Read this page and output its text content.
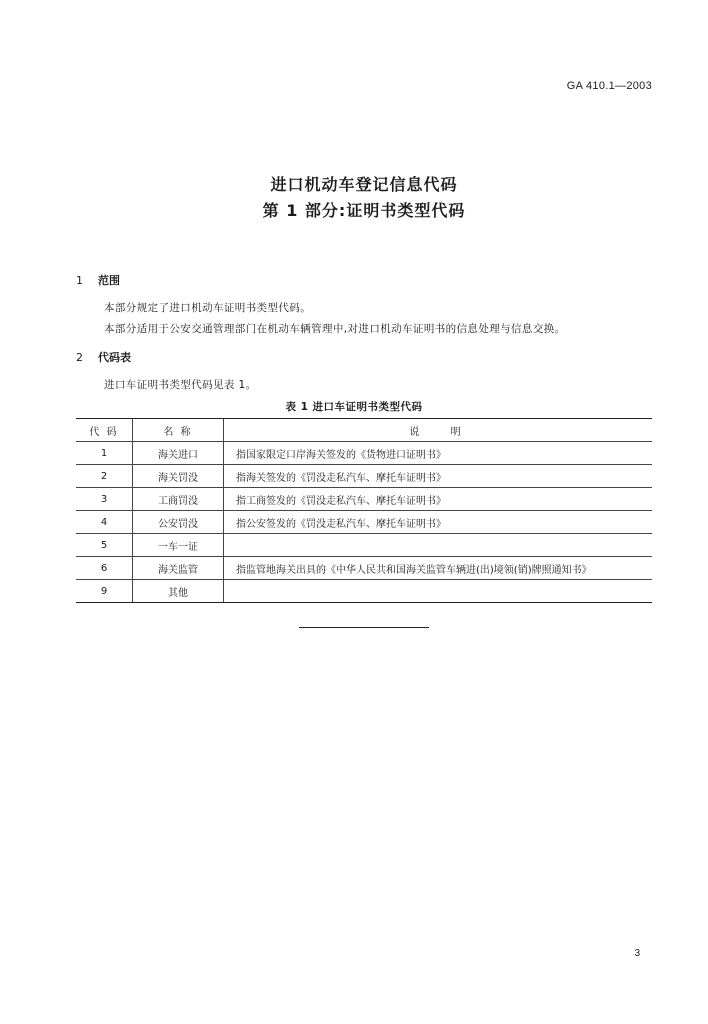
GA 410.1—2003
进口机动车登记信息代码
第 1 部分:证明书类型代码
1 范围
本部分规定了进口机动车证明书类型代码。
本部分适用于公安交通管理部门在机动车辆管理中,对进口机动车证明书的信息处理与信息交换。
2 代码表
进口车证明书类型代码见表 1。
表 1 进口车证明书类型代码
代 码	名 称	说 明
1	海关进口	指国家限定口岸海关签发的《货物进口证明书》
2	海关罚没	指海关签发的《罚没走私汽车、摩托车证明书》
3	工商罚没	指工商签发的《罚没走私汽车、摩托车证明书》
4	公安罚没	指公安签发的《罚没走私汽车、摩托车证明书》
5	一车一证	
6	海关监管	指监管地海关出具的《中华人民共和国海关监管车辆进(出)境领(销)牌照通知书》
9	其他	
3
